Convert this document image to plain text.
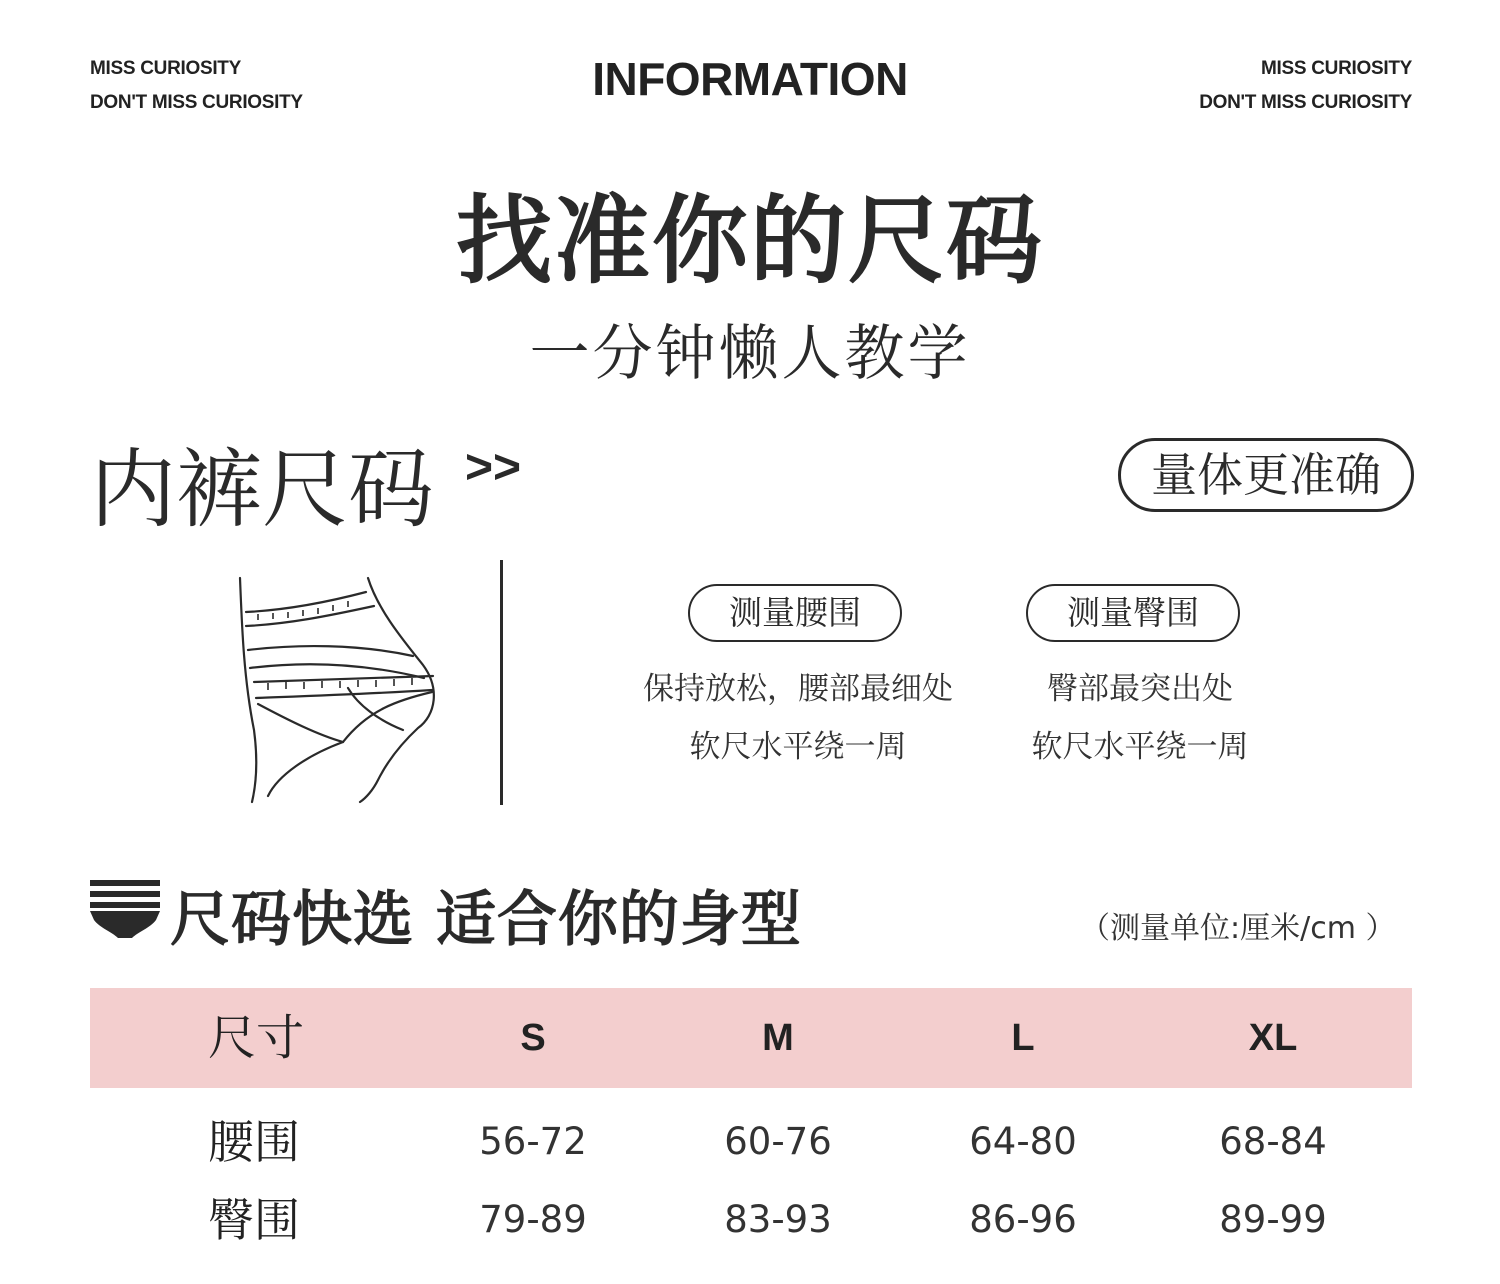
MISS CURIOSITY
DON'T MISS CURIOSITY	INFORMATION	MISS CURIOSITY
DON'T MISS CURIOSITY
找准你的尺码
一分钟懒人教学
内裤尺码 >>	量体更准确
测量腰围	测量臀围
保持放松，腰部最细处
软尺水平绕一周
臀部最突出处
软尺水平绕一周
尺码快选 适合你的身型	（测量单位:厘米/cm ）
尺寸	S	M	L	XL
腰围	56-72	60-76	64-80	68-84
臀围	79-89	83-93	86-96	89-99
